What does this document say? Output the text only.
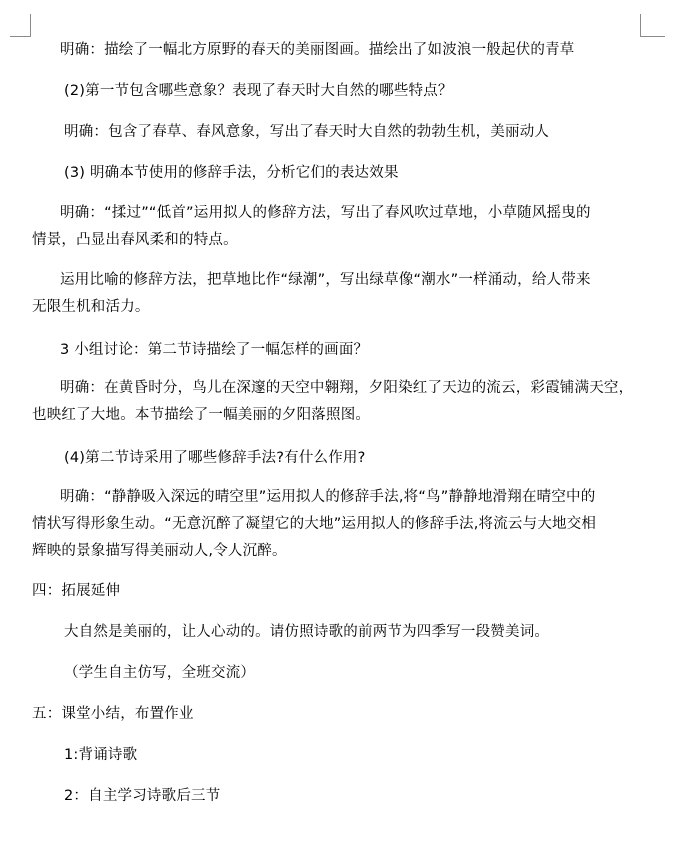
明确：描绘了一幅北方原野的春天的美丽图画。描绘出了如波浪一般起伏的青草

(2)第一节包含哪些意象？表现了春天时大自然的哪些特点？

明确：包含了春草、春风意象，写出了春天时大自然的勃勃生机，美丽动人

(3) 明确本节使用的修辞手法，分析它们的表达效果

明确：“揉过”“低首”运用拟人的修辞方法，写出了春风吹过草地，小草随风摇曳的
情景，凸显出春风柔和的特点。
运用比喻的修辞方法，把草地比作“绿潮”，写出绿草像“潮水”一样涌动，给人带来
无限生机和活力。

3 小组讨论：第二节诗描绘了一幅怎样的画面？

明确：在黄昏时分，鸟儿在深邃的天空中翱翔，夕阳染红了天边的流云，彩霞铺满天空，
也映红了大地。本节描绘了一幅美丽的夕阳落照图。

(4)第二节诗采用了哪些修辞手法?有什么作用?

明确：“静静吸入深远的晴空里”运用拟人的修辞手法,将“鸟”静静地滑翔在晴空中的
情状写得形象生动。“无意沉醉了凝望它的大地”运用拟人的修辞手法,将流云与大地交相
辉映的景象描写得美丽动人,令人沉醉。

四：拓展延伸

大自然是美丽的，让人心动的。请仿照诗歌的前两节为四季写一段赞美词。

（学生自主仿写，全班交流）

五：课堂小结，布置作业

1:背诵诗歌

2：自主学习诗歌后三节
